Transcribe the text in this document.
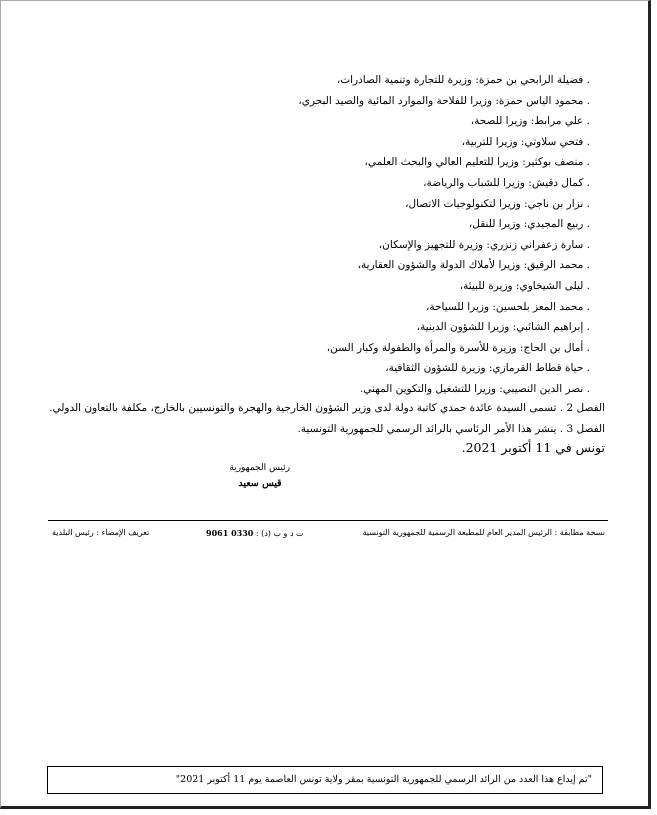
. فضيلة الرابحي بن حمزة: وزيرة للتجارة وتنمية الصادرات،
. محمود الياس حمزة: وزيرا للفلاحة والموارد المائية والصيد البحري،
. علي مرابط: وزيرا للصحة،
. فتحي سلاوتي: وزيرا للتربية،
. منصف بوكثير: وزيرا للتعليم العالي والبحث العلمي،
. كمال دقيش: وزيرا للشباب والرياضة،
. نزار بن ناجي: وزيرا لتكنولوجيات الاتصال،
. ربيع المجيدي: وزيرا للنقل،
. سارة زعفراني زنزري: وزيرة للتجهيز والإسكان،
. محمد الرقيق: وزيرا لأملاك الدولة والشؤون العقارية،
. ليلى الشيخاوي: وزيرة للبيئة،
. محمد المعز بلحسين: وزيرا للسياحة،
. إبراهيم الشائبي: وزيرا للشؤون الدينية،
. أمال بن الحاج: وزيرة للأسرة والمرأة والطفولة وكبار السن،
. حياة قطاط القرمازي: وزيرة للشؤون الثقافية،
. نصر الدين النصيبي: وزيرا للتشغيل والتكوين المهني.
الفصل 2 . تسمى السيدة عائدة حمدي كاتبة دولة لدى وزير الشؤون الخارجية والهجرة والتونسيين بالخارج، مكلفة بالتعاون الدولي.
الفصل 3 . ينشر هذا الأمر الرئاسي بالرائد الرسمي للجمهورية التونسية.
تونس في 11 أكتوبر 2021.
رئيس الجمهورية
قيس سعيد
نسخة مطابقة : الرئيس المدير العام للمطبعة الرسمية للجمهورية التونسية
ت د و ب (د) : 0330 9061
تعريف الإمضاء : رئيس البلدية
"تم إيداع هذا العدد من الرائد الرسمي للجمهورية التونسية بمقر ولاية تونس العاصمة يوم 11 أكتوبر 2021"
